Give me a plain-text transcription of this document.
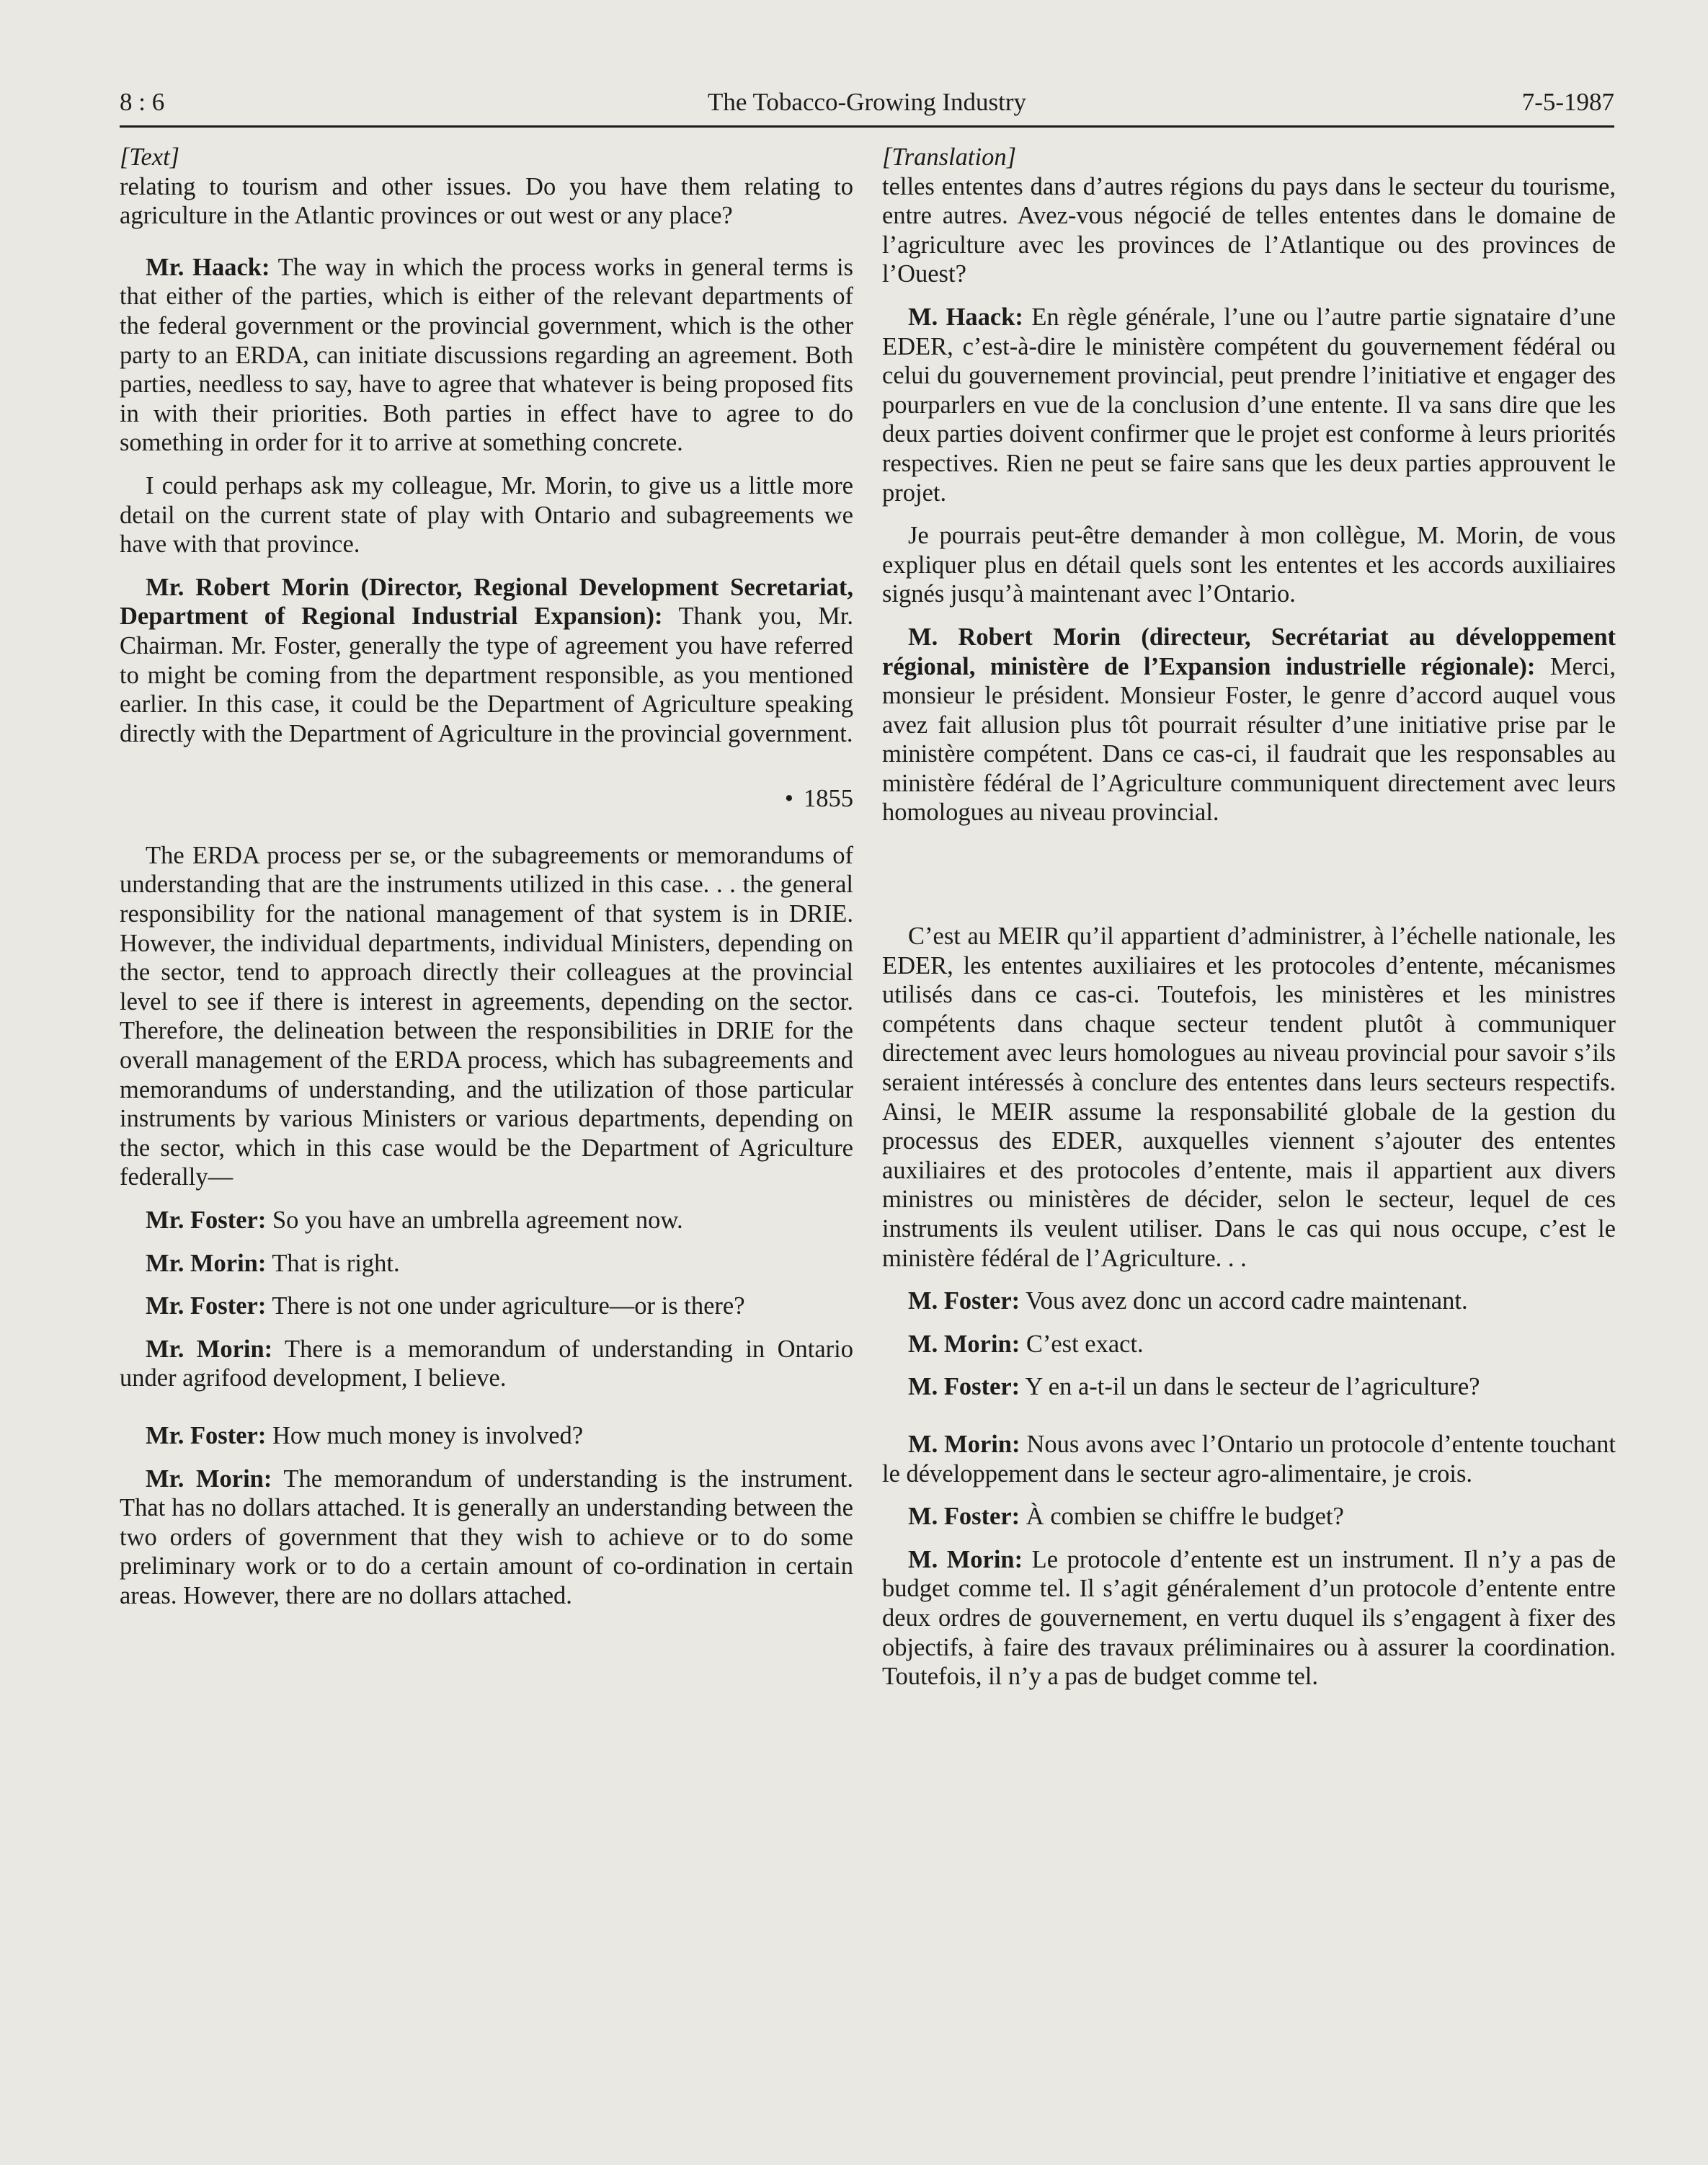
8 : 6	The Tobacco-Growing Industry	7-5-1987

[Text]

relating to tourism and other issues. Do you have them relating to agriculture in the Atlantic provinces or out west or any place?

Mr. Haack: The way in which the process works in general terms is that either of the parties, which is either of the relevant departments of the federal government or the provincial government, which is the other party to an ERDA, can initiate discussions regarding an agreement. Both parties, needless to say, have to agree that whatever is being proposed fits in with their priorities. Both parties in effect have to agree to do something in order for it to arrive at something concrete.

I could perhaps ask my colleague, Mr. Morin, to give us a little more detail on the current state of play with Ontario and subagreements we have with that province.

Mr. Robert Morin (Director, Regional Development Secretariat, Department of Regional Industrial Expansion): Thank you, Mr. Chairman. Mr. Foster, generally the type of agreement you have referred to might be coming from the department responsible, as you mentioned earlier. In this case, it could be the Department of Agriculture speaking directly with the Department of Agriculture in the provincial government.

• 1855

The ERDA process per se, or the subagreements or memorandums of understanding that are the instruments utilized in this case. . . the general responsibility for the national management of that system is in DRIE. However, the individual departments, individual Ministers, depending on the sector, tend to approach directly their colleagues at the provincial level to see if there is interest in agreements, depending on the sector. Therefore, the delineation between the responsibilities in DRIE for the overall management of the ERDA process, which has subagreements and memorandums of understanding, and the utilization of those particular instruments by various Ministers or various departments, depending on the sector, which in this case would be the Department of Agriculture federally—

Mr. Foster: So you have an umbrella agreement now.

Mr. Morin: That is right.

Mr. Foster: There is not one under agriculture—or is there?

Mr. Morin: There is a memorandum of understanding in Ontario under agrifood development, I believe.

Mr. Foster: How much money is involved?

Mr. Morin: The memorandum of understanding is the instrument. That has no dollars attached. It is generally an understanding between the two orders of government that they wish to achieve or to do some preliminary work or to do a certain amount of co-ordination in certain areas. However, there are no dollars attached.

[Translation]

telles ententes dans d’autres régions du pays dans le secteur du tourisme, entre autres. Avez-vous négocié de telles ententes dans le domaine de l’agriculture avec les provinces de l’Atlantique ou des provinces de l’Ouest?

M. Haack: En règle générale, l’une ou l’autre partie signataire d’une EDER, c’est-à-dire le ministère compétent du gouvernement fédéral ou celui du gouvernement provincial, peut prendre l’initiative et engager des pourparlers en vue de la conclusion d’une entente. Il va sans dire que les deux parties doivent confirmer que le projet est conforme à leurs priorités respectives. Rien ne peut se faire sans que les deux parties approuvent le projet.

Je pourrais peut-être demander à mon collègue, M. Morin, de vous expliquer plus en détail quels sont les ententes et les accords auxiliaires signés jusqu’à maintenant avec l’Ontario.

M. Robert Morin (directeur, Secrétariat au développement régional, ministère de l’Expansion industrielle régionale): Merci, monsieur le président. Monsieur Foster, le genre d’accord auquel vous avez fait allusion plus tôt pourrait résulter d’une initiative prise par le ministère compétent. Dans ce cas-ci, il faudrait que les responsables au ministère fédéral de l’Agriculture communiquent directement avec leurs homologues au niveau provincial.

C’est au MEIR qu’il appartient d’administrer, à l’échelle nationale, les EDER, les ententes auxiliaires et les protocoles d’entente, mécanismes utilisés dans ce cas-ci. Toutefois, les ministères et les ministres compétents dans chaque secteur tendent plutôt à communiquer directement avec leurs homologues au niveau provincial pour savoir s’ils seraient intéressés à conclure des ententes dans leurs secteurs respectifs. Ainsi, le MEIR assume la responsabilité globale de la gestion du processus des EDER, auxquelles viennent s’ajouter des ententes auxiliaires et des protocoles d’entente, mais il appartient aux divers ministres ou ministères de décider, selon le secteur, lequel de ces instruments ils veulent utiliser. Dans le cas qui nous occupe, c’est le ministère fédéral de l’Agriculture. . .

M. Foster: Vous avez donc un accord cadre maintenant.

M. Morin: C’est exact.

M. Foster: Y en a-t-il un dans le secteur de l’agriculture?

M. Morin: Nous avons avec l’Ontario un protocole d’entente touchant le développement dans le secteur agro-alimentaire, je crois.

M. Foster: À combien se chiffre le budget?

M. Morin: Le protocole d’entente est un instrument. Il n’y a pas de budget comme tel. Il s’agit généralement d’un protocole d’entente entre deux ordres de gouvernement, en vertu duquel ils s’engagent à fixer des objectifs, à faire des travaux préliminaires ou à assurer la coordination. Toutefois, il n’y a pas de budget comme tel.
